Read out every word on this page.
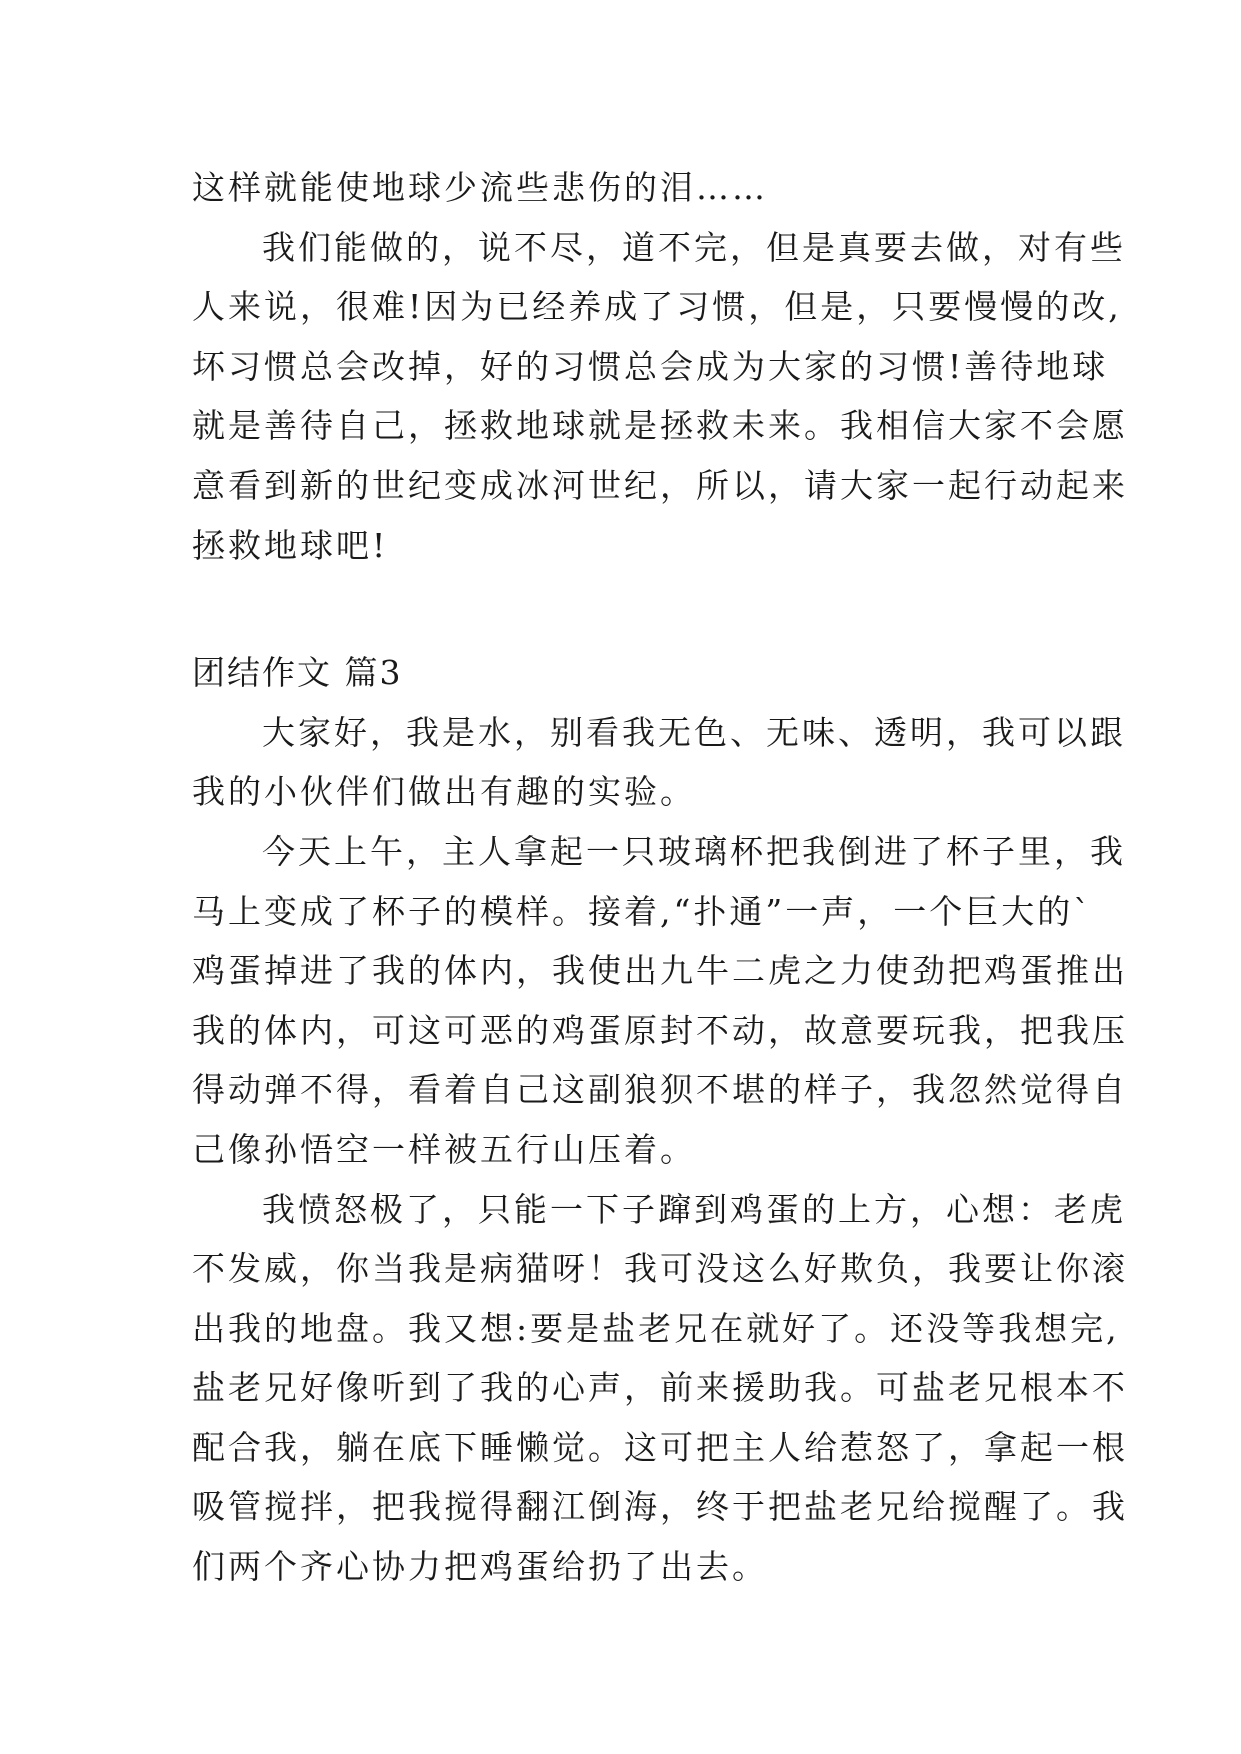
这样就能使地球少流些悲伤的泪……
我们能做的，说不尽，道不完，但是真要去做，对有些
人来说，很难!因为已经养成了习惯，但是，只要慢慢的改,
坏习惯总会改掉，好的习惯总会成为大家的习惯!善待地球
就是善待自己，拯救地球就是拯救未来。我相信大家不会愿
意看到新的世纪变成冰河世纪，所以，请大家一起行动起来
拯救地球吧!
团结作文 篇3
大家好，我是水，别看我无色、无味、透明，我可以跟
我的小伙伴们做出有趣的实验。
今天上午，主人拿起一只玻璃杯把我倒进了杯子里，我
马上变成了杯子的模样。接着,“扑通”一声，一个巨大的`
鸡蛋掉进了我的体内，我使出九牛二虎之力使劲把鸡蛋推出
我的体内，可这可恶的鸡蛋原封不动，故意要玩我，把我压
得动弹不得，看着自己这副狼狈不堪的样子，我忽然觉得自
己像孙悟空一样被五行山压着。
我愤怒极了，只能一下子蹿到鸡蛋的上方，心想：老虎
不发威，你当我是病猫呀！我可没这么好欺负，我要让你滚
出我的地盘。我又想:要是盐老兄在就好了。还没等我想完,
盐老兄好像听到了我的心声，前来援助我。可盐老兄根本不
配合我，躺在底下睡懒觉。这可把主人给惹怒了，拿起一根
吸管搅拌，把我搅得翻江倒海，终于把盐老兄给搅醒了。我
们两个齐心协力把鸡蛋给扔了出去。
